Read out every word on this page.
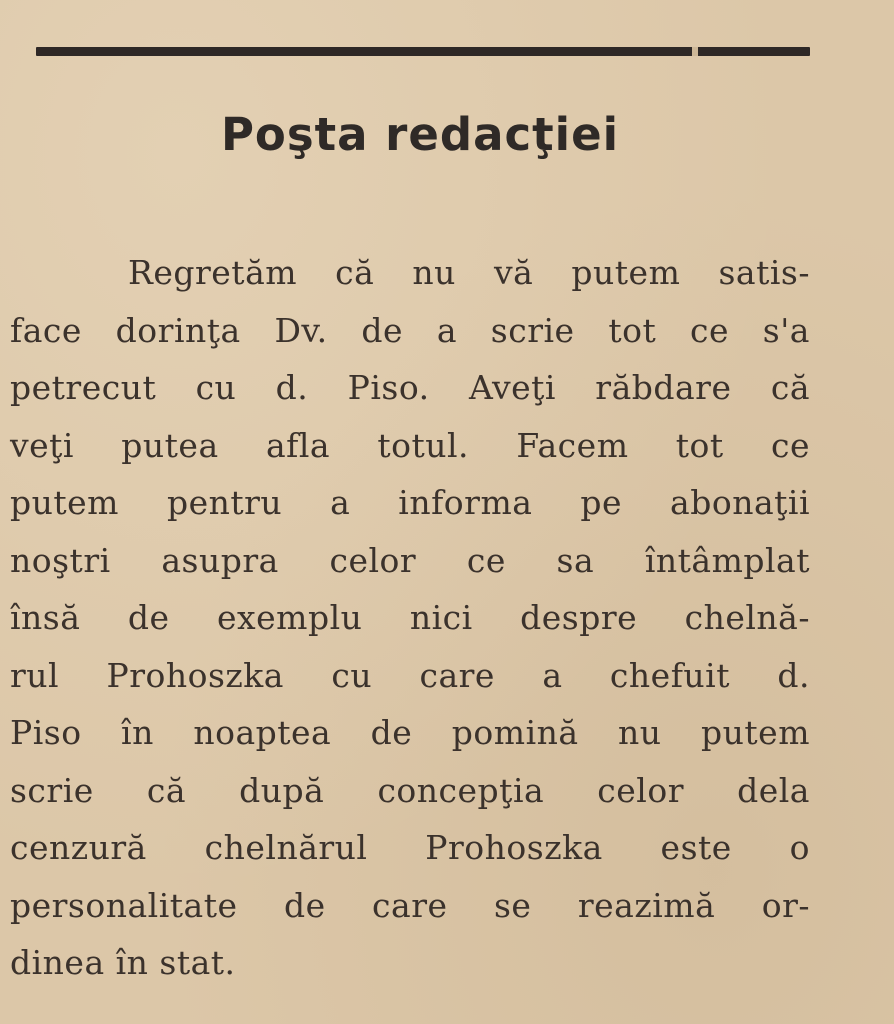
Poşta redacţiei
Regretăm că nu vă putem satis-
face dorinţa Dv. de a scrie tot ce s'a
petrecut cu d. Piso. Aveţi răbdare că
veţi putea afla totul. Facem tot ce
putem pentru a informa pe abonaţii
noştri asupra celor ce sa întâmplat
însă de exemplu nici despre chelnă-
rul Prohoszka cu care a chefuit d.
Piso în noaptea de pomină nu putem
scrie că după concepţia celor dela
cenzură chelnărul Prohoszka este o
personalitate de care se reazimă or-
dinea în stat.
